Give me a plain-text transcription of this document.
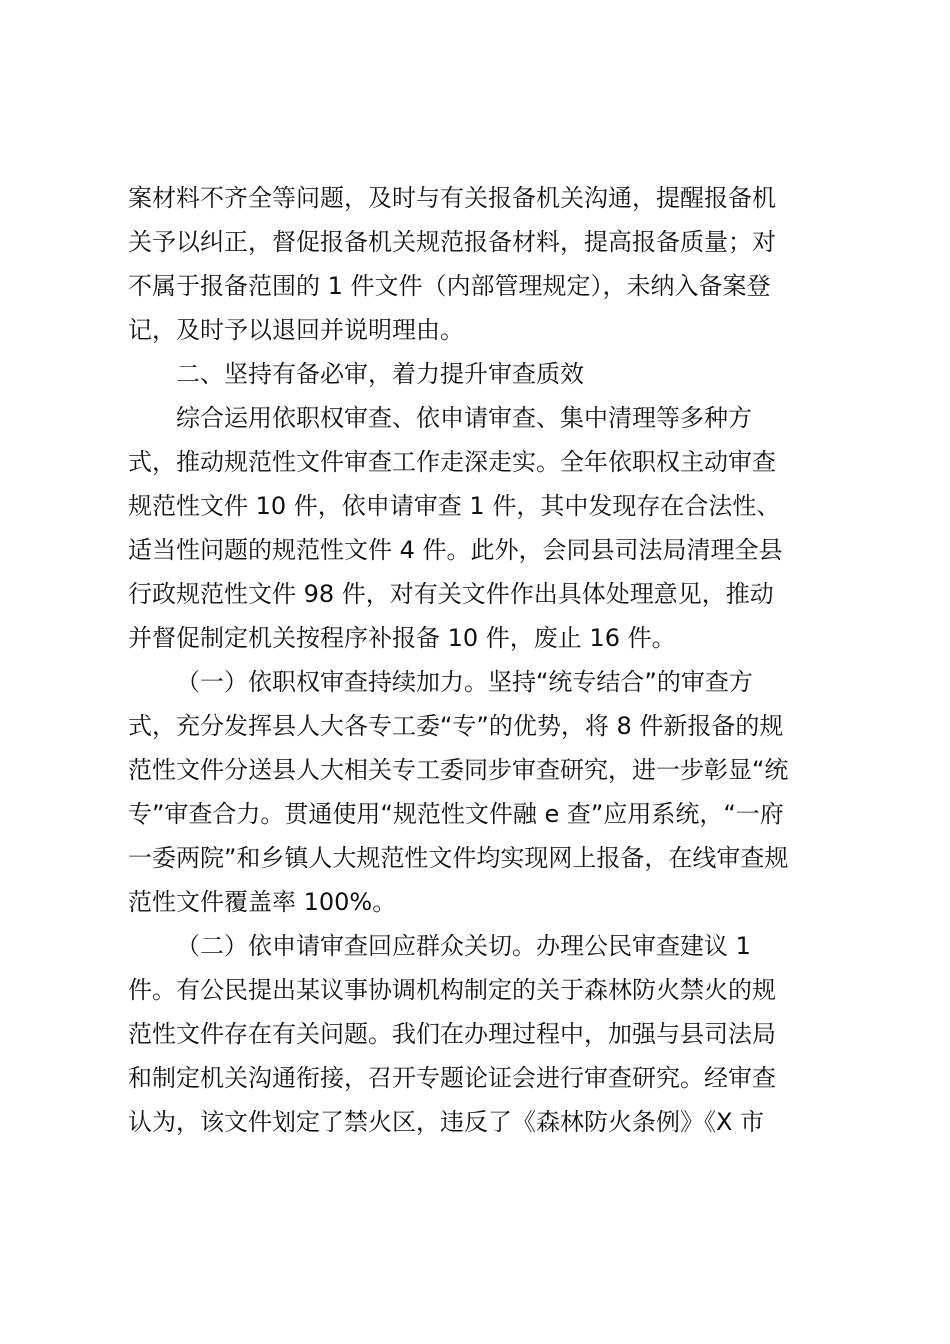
案材料不齐全等问题，及时与有关报备机关沟通，提醒报备机
关予以纠正，督促报备机关规范报备材料，提高报备质量；对
不属于报备范围的 1 件文件（内部管理规定），未纳入备案登
记，及时予以退回并说明理由。
二、坚持有备必审，着力提升审查质效
综合运用依职权审查、依申请审查、集中清理等多种方
式，推动规范性文件审查工作走深走实。全年依职权主动审查
规范性文件 10 件，依申请审查 1 件，其中发现存在合法性、
适当性问题的规范性文件 4 件。此外，会同县司法局清理全县
行政规范性文件 98 件，对有关文件作出具体处理意见，推动
并督促制定机关按程序补报备 10 件，废止 16 件。
（一）依职权审查持续加力。坚持“统专结合”的审查方
式，充分发挥县人大各专工委“专”的优势，将 8 件新报备的规
范性文件分送县人大相关专工委同步审查研究，进一步彰显“统
专”审查合力。贯通使用“规范性文件融 e 查”应用系统，“一府
一委两院”和乡镇人大规范性文件均实现网上报备，在线审查规
范性文件覆盖率 100%。
（二）依申请审查回应群众关切。办理公民审查建议 1
件。有公民提出某议事协调机构制定的关于森林防火禁火的规
范性文件存在有关问题。我们在办理过程中，加强与县司法局
和制定机关沟通衔接，召开专题论证会进行审查研究。经审查
认为，该文件划定了禁火区，违反了《森林防火条例》《X 市
